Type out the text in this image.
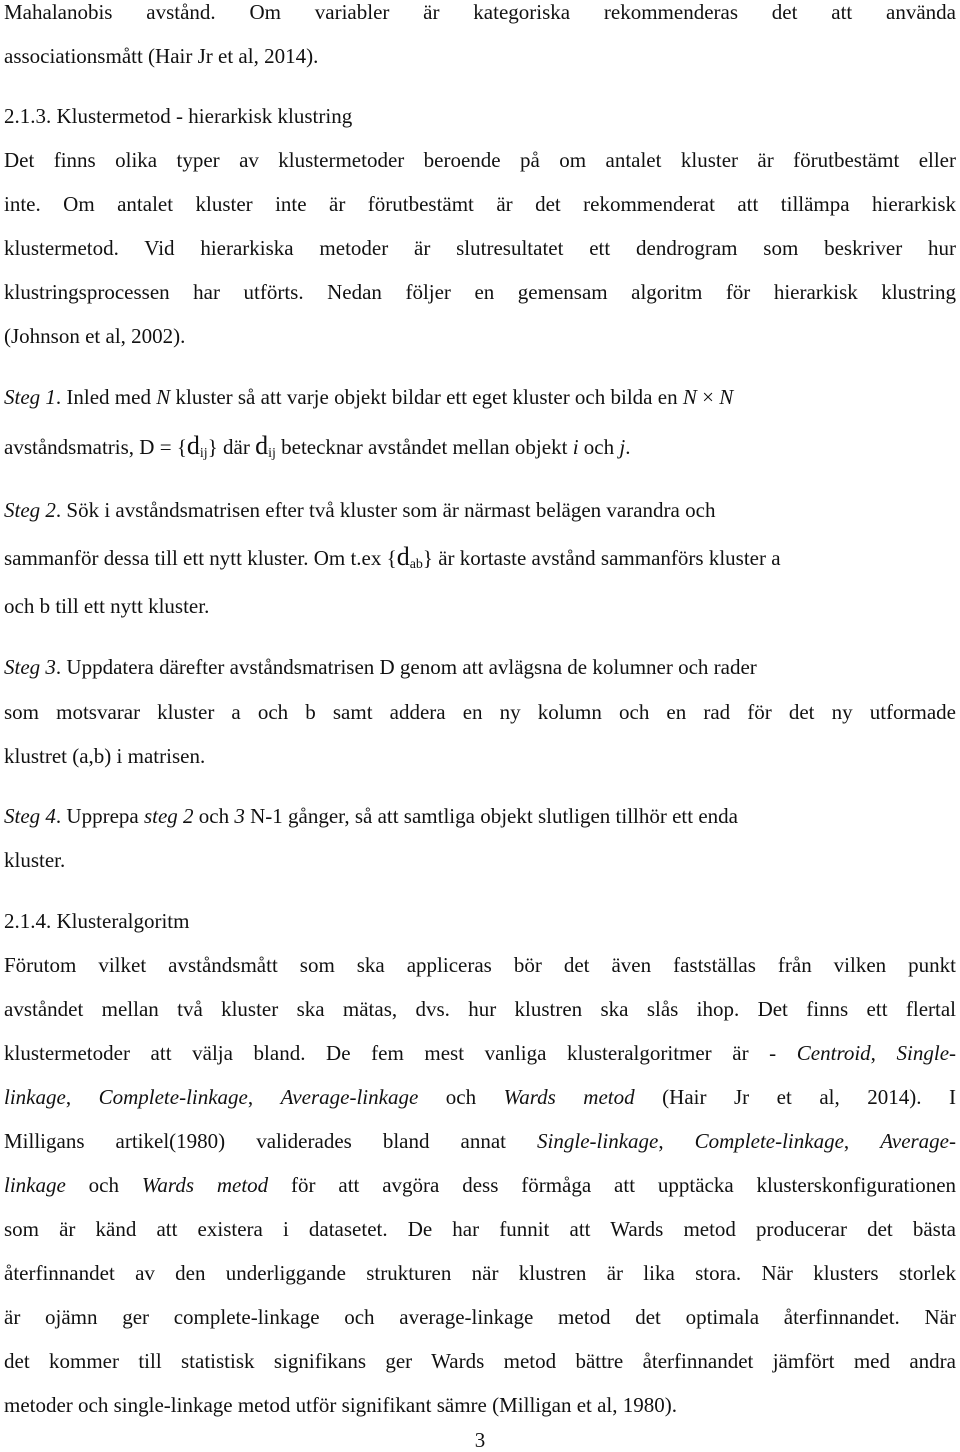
Mahalanobis avstånd. Om variabler är kategoriska rekommenderas det att använda
associationsmått (Hair Jr et al, 2014).
2.1.3. Klustermetod - hierarkisk klustring
Det finns olika typer av klustermetoder beroende på om antalet kluster är förutbestämt eller
inte. Om antalet kluster inte är förutbestämt är det rekommenderat att tillämpa hierarkisk
klustermetod. Vid hierarkiska metoder är slutresultatet ett dendrogram som beskriver hur
klustringsprocessen har utförts. Nedan följer en gemensam algoritm för hierarkisk klustring
(Johnson et al, 2002).
Steg 1. Inled med N kluster så att varje objekt bildar ett eget kluster och bilda en N × N
avståndsmatris, D = {dij} där dij betecknar avståndet mellan objekt i och j.
Steg 2. Sök i avståndsmatrisen efter två kluster som är närmast belägen varandra och
sammanför dessa till ett nytt kluster. Om t.ex {dab} är kortaste avstånd sammanförs kluster a
och b till ett nytt kluster.
Steg 3. Uppdatera därefter avståndsmatrisen D genom att avlägsna de kolumner och rader
som motsvarar kluster a och b samt addera en ny kolumn och en rad för det ny utformade
klustret (a,b) i matrisen.
Steg 4. Upprepa steg 2 och 3 N-1 gånger, så att samtliga objekt slutligen tillhör ett enda
kluster.
2.1.4. Klusteralgoritm
Förutom vilket avståndsmått som ska appliceras bör det även fastställas från vilken punkt
avståndet mellan två kluster ska mätas, dvs. hur klustren ska slås ihop. Det finns ett flertal
klustermetoder att välja bland. De fem mest vanliga klusteralgoritmer är - Centroid, Single-
linkage, Complete-linkage, Average-linkage och Wards metod (Hair Jr et al, 2014). I
Milligans artikel(1980) validerades bland annat Single-linkage, Complete-linkage, Average-
linkage och Wards metod för att avgöra dess förmåga att upptäcka klusterskonfigurationen
som är känd att existera i datasetet. De har funnit att Wards metod producerar det bästa
återfinnandet av den underliggande strukturen när klustren är lika stora. När klusters storlek
är ojämn ger complete-linkage och average-linkage metod det optimala återfinnandet. När
det kommer till statistisk signifikans ger Wards metod bättre återfinnandet jämfört med andra
metoder och single-linkage metod utför signifikant sämre (Milligan et al, 1980).
3
